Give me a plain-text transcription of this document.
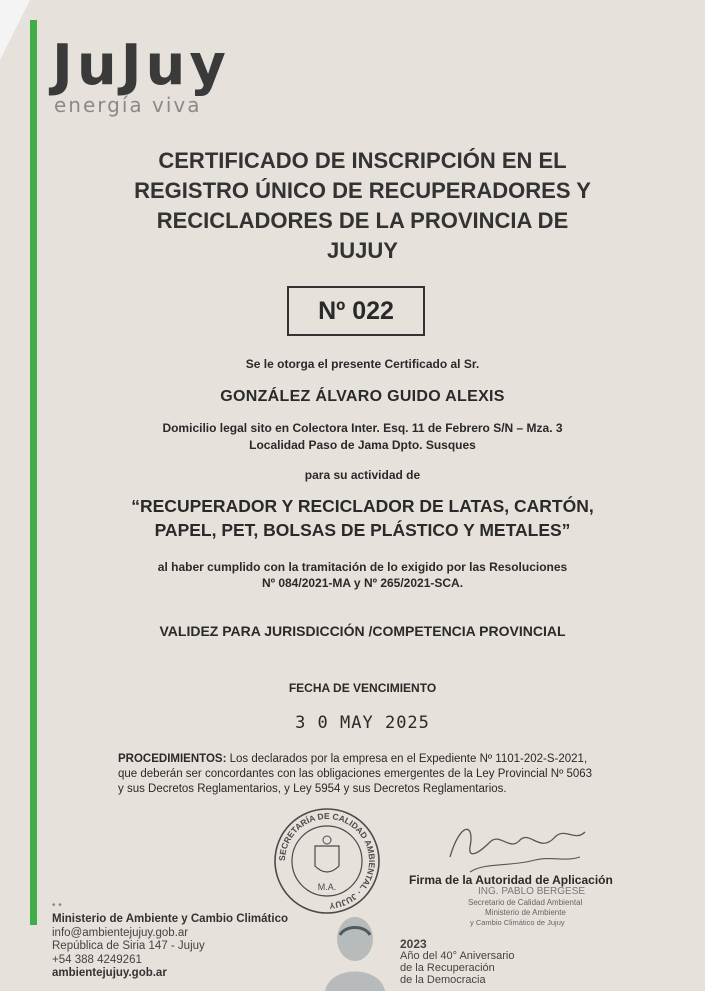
JuJuy
energía viva
CERTIFICADO DE INSCRIPCIÓN EN EL
REGISTRO ÚNICO DE RECUPERADORES Y
RECICLADORES DE LA PROVINCIA DE
JUJUY
Nº 022
Se le otorga el presente Certificado al Sr.
GONZÁLEZ ÁLVARO GUIDO ALEXIS
Domicilio legal sito en Colectora Inter. Esq. 11 de Febrero S/N – Mza. 3
Localidad Paso de Jama Dpto. Susques
para su actividad de
“RECUPERADOR Y RECICLADOR DE LATAS, CARTÓN,
PAPEL, PET, BOLSAS DE PLÁSTICO Y METALES”
al haber cumplido con la tramitación de lo exigido por las Resoluciones
Nº 084/2021-MA y Nº 265/2021-SCA.
VALIDEZ PARA JURISDICCIÓN /COMPETENCIA PROVINCIAL
FECHA DE VENCIMIENTO
3 0 MAY 2025
PROCEDIMIENTOS: Los declarados por la empresa en el Expediente Nº 1101-202-S-2021,
que deberán ser concordantes con las obligaciones emergentes de la Ley Provincial Nº 5063
y sus Decretos Reglamentarios, y Ley 5954 y sus Decretos Reglamentarios.
SECRETARÍA DE CALIDAD AMBIENTAL · JUJUY
M.A.	Firma de la Autoridad de Aplicación
ING. PABLO BERGESE
Secretario de Calidad Ambiental
Ministerio de Ambiente
y Cambio Climático de Jujuy
• •
Ministerio de Ambiente y Cambio Climático
info@ambientejujuy.gob.ar
República de Siria 147 - Jujuy
+54 388 4249261
ambientejujuy.gob.ar
2023
Año del 40° Aniversario
de la Recuperación
de la Democracia
